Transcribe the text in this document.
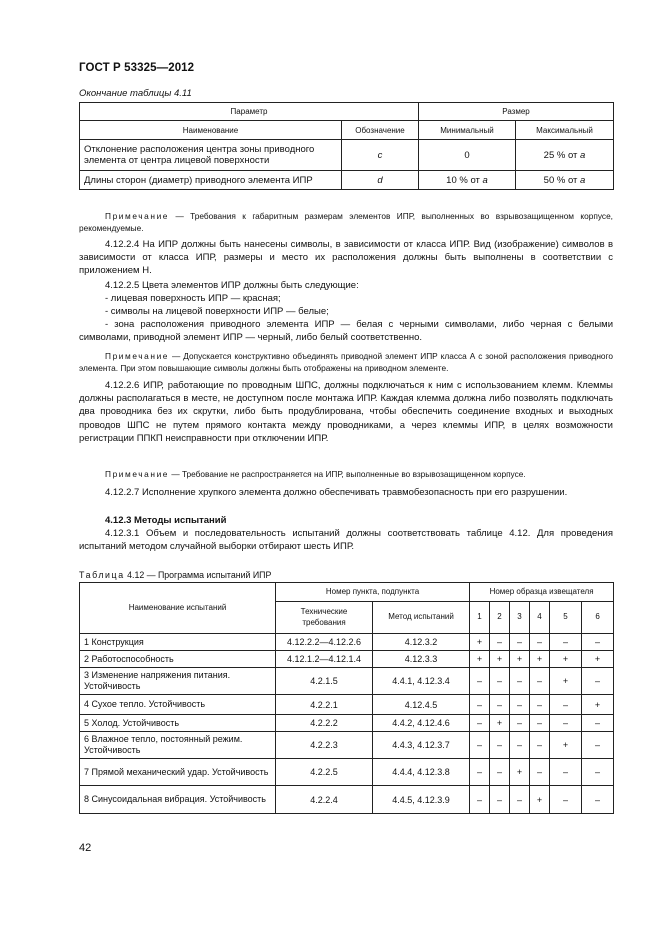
ГОСТ Р 53325—2012
Окончание таблицы 4.11
Параметр		Размер	
Наименование	Обозначение	Минимальный	Максимальный
Отклонение расположения центра зоны приводного элемента от центра лицевой поверхности	c	0	25 % от a
Длины сторон (диаметр) приводного элемента ИПР	d	10 % от a	50 % от a
Примечание — Требования к габаритным размерам элементов ИПР, выполненных во взрывозащищенном корпусе, рекомендуемые.
4.12.2.4 На ИПР должны быть нанесены символы, в зависимости от класса ИПР. Вид (изображение) символов в зависимости от класса ИПР, размеры и место их расположения должны быть выполнены в соответствии с приложением Н.
4.12.2.5 Цвета элементов ИПР должны быть следующие:
- лицевая поверхность ИПР — красная;
- символы на лицевой поверхности ИПР — белые;
- зона расположения приводного элемента ИПР — белая с черными символами, либо черная с белыми символами, приводной элемент ИПР — черный, либо белый соответственно.
Примечание — Допускается конструктивно объединять приводной элемент ИПР класса А с зоной расположения приводного элемента. При этом повышающие символы должны быть отображены на приводном элементе.
4.12.2.6 ИПР, работающие по проводным ШПС, должны подключаться к ним с использованием клемм. Клеммы должны располагаться в месте, не доступном после монтажа ИПР. Каждая клемма должна либо позволять подключать два проводника без их скрутки, либо быть продублирована, чтобы обеспечить соединение входных и выходных проводов ШПС не путем прямого контакта между проводниками, а через клеммы ИПР, в целях возможности регистрации ППКП неисправности при отключении ИПР.
Примечание — Требование не распространяется на ИПР, выполненные во взрывозащищенном корпусе.
4.12.2.7 Исполнение хрупкого элемента должно обеспечивать травмобезопасность при его разрушении.
4.12.3 Методы испытаний
4.12.3.1 Объем и последовательность испытаний должны соответствовать таблице 4.12. Для проведения испытаний методом случайной выборки отбирают шесть ИПР.
Таблица 4.12 — Программа испытаний ИПР
Наименование испытаний	Номер пункта, подпункта		Номер образца извещателя					
	Технические требования	Метод испытаний	1	2	3	4	5	6
1 Конструкция	4.12.2.2—4.12.2.6	4.12.3.2	+	–	–	–	–	–
2 Работоспособность	4.12.1.2—4.12.1.4	4.12.3.3	+	+	+	+	+	+
3 Изменение напряжения питания. Устойчивость	4.2.1.5	4.4.1, 4.12.3.4	–	–	–	–	+	–
4 Сухое тепло. Устойчивость	4.2.2.1	4.12.4.5	–	–	–	–	–	+
5 Холод. Устойчивость	4.2.2.2	4.4.2, 4.12.4.6	–	+	–	–	–	–
6 Влажное тепло, постоянный режим. Устойчивость	4.2.2.3	4.4.3, 4.12.3.7	–	–	–	–	+	–
7 Прямой механический удар. Устойчивость	4.2.2.5	4.4.4, 4.12.3.8	–	–	+	–	–	–
8 Синусоидальная вибрация. Устойчивость	4.2.2.4	4.4.5, 4.12.3.9	–	–	–	+	–	–
42
